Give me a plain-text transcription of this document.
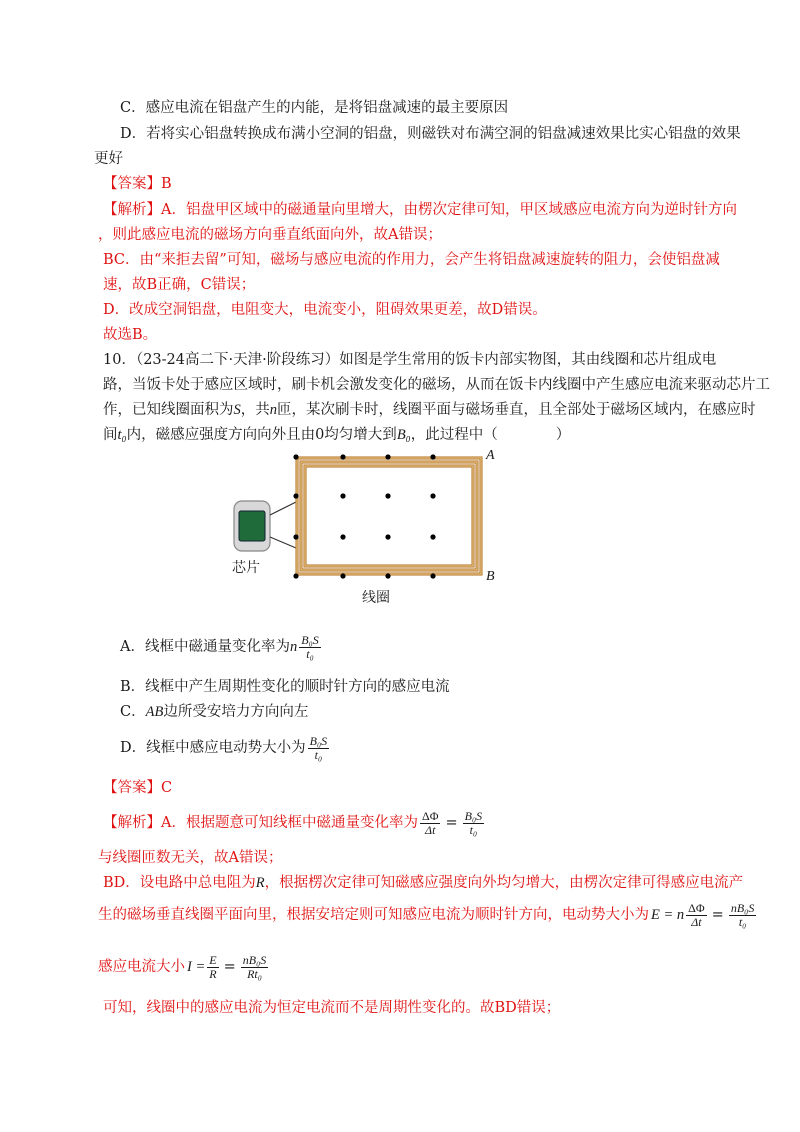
C．感应电流在铝盘产生的内能，是将铝盘减速的最主要原因
D．若将实心铝盘转换成布满小空洞的铝盘，则磁铁对布满空洞的铝盘减速效果比实心铝盘的效果
更好
【答案】B
【解析】A．铝盘甲区域中的磁通量向里增大，由楞次定律可知，甲区域感应电流方向为逆时针方向
，则此感应电流的磁场方向垂直纸面向外，故A错误；
BC．由“来拒去留”可知，磁场与感应电流的作用力，会产生将铝盘减速旋转的阻力，会使铝盘减
速，故B正确，C错误；
D．改成空洞铝盘，电阻变大，电流变小，阻碍效果更差，故D错误。
故选B。
10．（23-24高二下·天津·阶段练习）如图是学生常用的饭卡内部实物图，其由线圈和芯片组成电
路，当饭卡处于感应区域时，刷卡机会激发变化的磁场，从而在饭卡内线圈中产生感应电流来驱动芯片工
作，已知线圈面积为S，共n匝，某次刷卡时，线圈平面与磁场垂直，且全部处于磁场区域内，在感应时
间t₀内，磁感应强度方向向外且由0均匀增大到B₀，此过程中（　　　　）
芯片
线圈
A
B
A．线框中磁通量变化率为 n $\frac{\text{B₀S}}{\text{t₀}}$
B．线框中产生周期性变化的顺时针方向的感应电流
C．AB边所受安培力方向向左
D．线框中感应电动势大小为 $\frac{\text{B₀S}}{\text{t₀}}$
【答案】C
【解析】A．根据题意可知线框中磁通量变化率为 $\frac{\Delta\Phi}{\Delta t} = \frac{\text{B₀S}}{\text{t₀}}$
与线圈匝数无关，故A错误；
BD．设电路中总电阻为R，根据楞次定律可知磁感应强度向外均匀增大，由楞次定律可得感应电流产
生的磁场垂直线圈平面向里，根据安培定则可知感应电流为顺时针方向，电动势大小为 E = n $\frac{\Delta\Phi}{\Delta t} = \frac{\text{nB₀S}}{\text{t₀}}$
感应电流大小 $I = \frac{E}{R} = \frac{\text{nB₀S}}{\text{Rt₀}}$
可知，线圈中的感应电流为恒定电流而不是周期性变化的。故BD错误；
